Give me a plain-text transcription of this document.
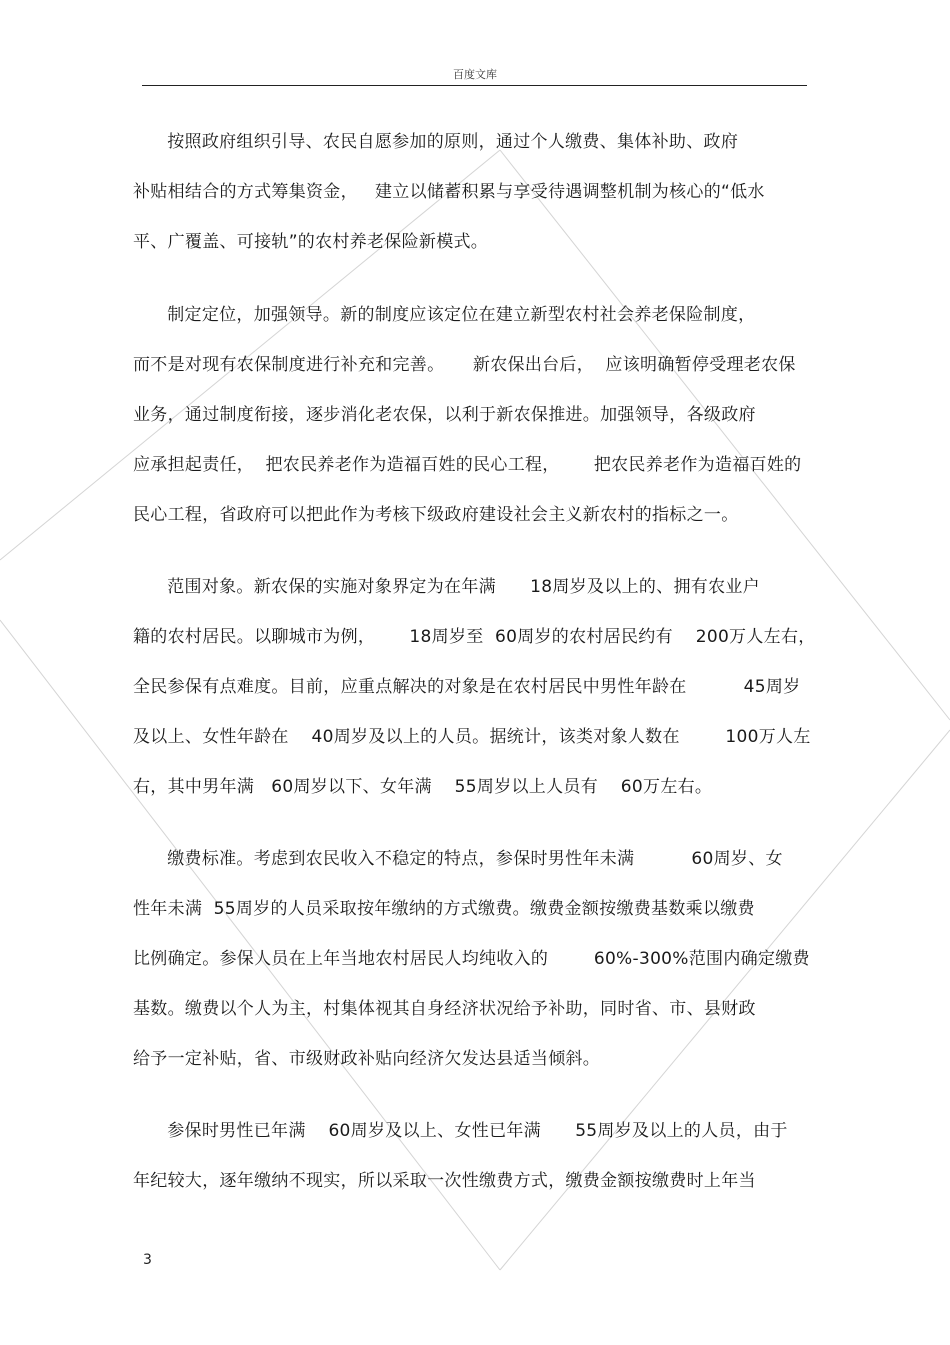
百度文库
按照政府组织引导、农民自愿参加的原则，通过个人缴费、集体补助、政府
补贴相结合的方式筹集资金，   建立以储蓄积累与享受待遇调整机制为核心的“低水
平、广覆盖、可接轨”的农村养老保险新模式。
制定定位，加强领导。新的制度应该定位在建立新型农村社会养老保险制度，
而不是对现有农保制度进行补充和完善。     新农保出台后，  应该明确暂停受理老农保
业务，通过制度衔接，逐步消化老农保，以利于新农保推进。加强领导，各级政府
应承担起责任，  把农民养老作为造福百姓的民心工程，      把农民养老作为造福百姓的
民心工程，省政府可以把此作为考核下级政府建设社会主义新农村的指标之一。
范围对象。新农保的实施对象界定为在年满      18周岁及以上的、拥有农业户
籍的农村居民。以聊城市为例，      18周岁至  60周岁的农村居民约有    200万人左右，
全民参保有点难度。目前，应重点解决的对象是在农村居民中男性年龄在          45周岁
及以上、女性年龄在    40周岁及以上的人员。据统计，该类对象人数在        100万人左
右，其中男年满   60周岁以下、女年满    55周岁以上人员有    60万左右。
缴费标准。考虑到农民收入不稳定的特点，参保时男性年未满          60周岁、女
性年未满  55周岁的人员采取按年缴纳的方式缴费。缴费金额按缴费基数乘以缴费
比例确定。参保人员在上年当地农村居民人均纯收入的        60%-300%范围内确定缴费
基数。缴费以个人为主，村集体视其自身经济状况给予补助，同时省、市、县财政
给予一定补贴，省、市级财政补贴向经济欠发达县适当倾斜。
参保时男性已年满    60周岁及以上、女性已年满      55周岁及以上的人员，由于
年纪较大，逐年缴纳不现实，所以采取一次性缴费方式，缴费金额按缴费时上年当
3
